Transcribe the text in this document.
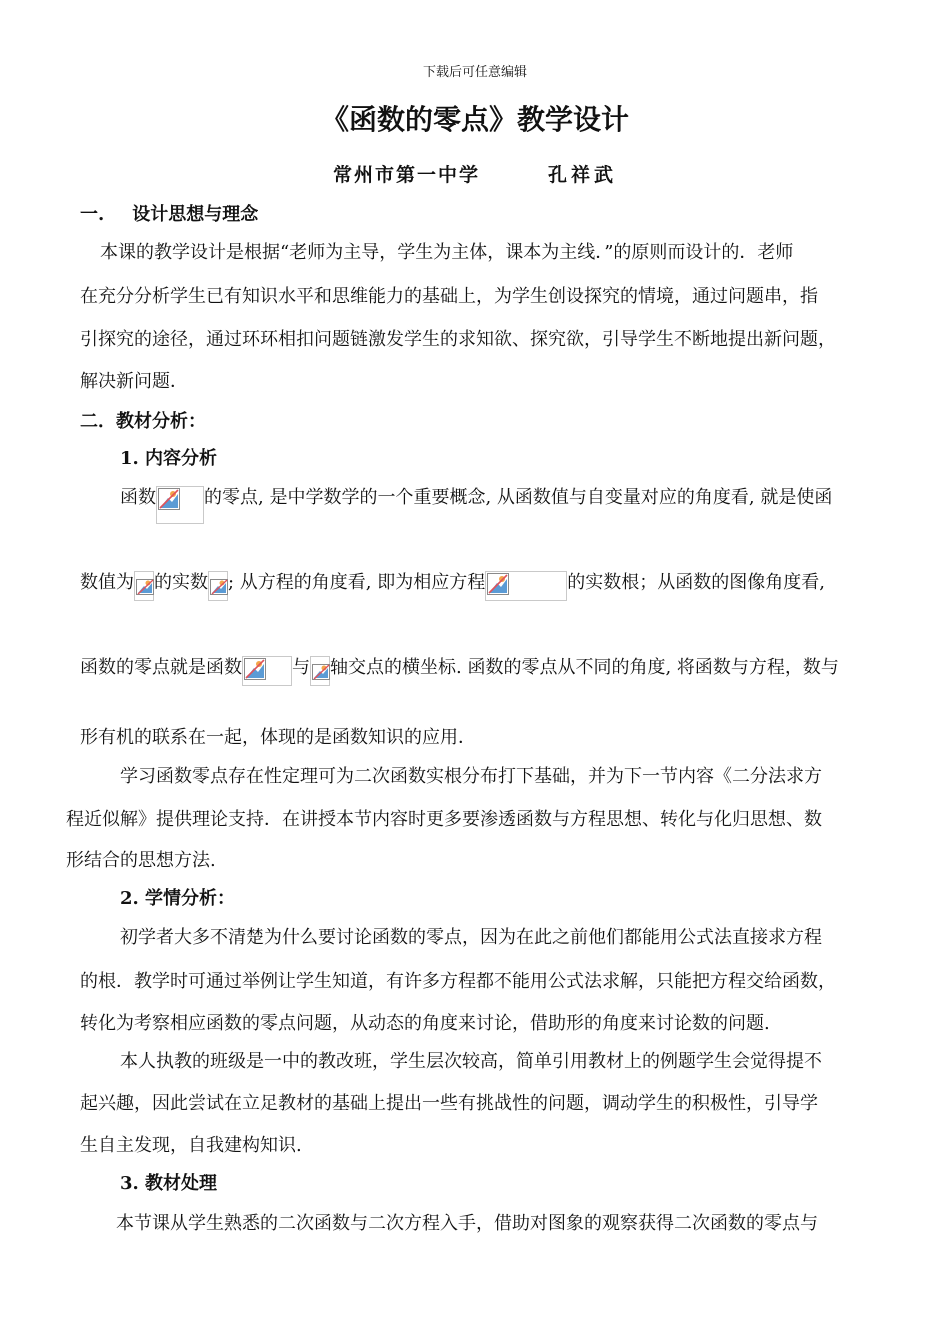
下载后可任意编辑
《函数的零点》教学设计
常州市第一中学	孔祥武
一. 设计思想与理念
本课的教学设计是根据“老师为主导，学生为主体，课本为主线．”的原则而设计的．老师
在充分分析学生已有知识水平和思维能力的基础上，为学生创设探究的情境，通过问题串，指
引探究的途径，通过环环相扣问题链激发学生的求知欲、探究欲，引导学生不断地提出新问题，
解决新问题．
二．教材分析：
1. 内容分析
函数	的零点, 是中学数学的一个重要概念, 从函数值与自变量对应的角度看, 就是使函
数值为 的实数 ; 从方程的角度看, 即为相应方程	的实数根；从函数的图像角度看,
函数的零点就是函数	与 轴交点的横坐标. 函数的零点从不同的角度, 将函数与方程，数与
形有机的联系在一起，体现的是函数知识的应用．
学习函数零点存在性定理可为二次函数实根分布打下基础，并为下一节内容《二分法求方
程近似解》提供理论支持．在讲授本节内容时更多要渗透函数与方程思想、转化与化归思想、数
形结合的思想方法.
2. 学情分析：
初学者大多不清楚为什么要讨论函数的零点，因为在此之前他们都能用公式法直接求方程
的根．教学时可通过举例让学生知道，有许多方程都不能用公式法求解，只能把方程交给函数，
转化为考察相应函数的零点问题，从动态的角度来讨论，借助形的角度来讨论数的问题.
本人执教的班级是一中的教改班，学生层次较高，简单引用教材上的例题学生会觉得提不
起兴趣，因此尝试在立足教材的基础上提出一些有挑战性的问题，调动学生的积极性，引导学
生自主发现，自我建构知识.
3. 教材处理
本节课从学生熟悉的二次函数与二次方程入手，借助对图象的观察获得二次函数的零点与
